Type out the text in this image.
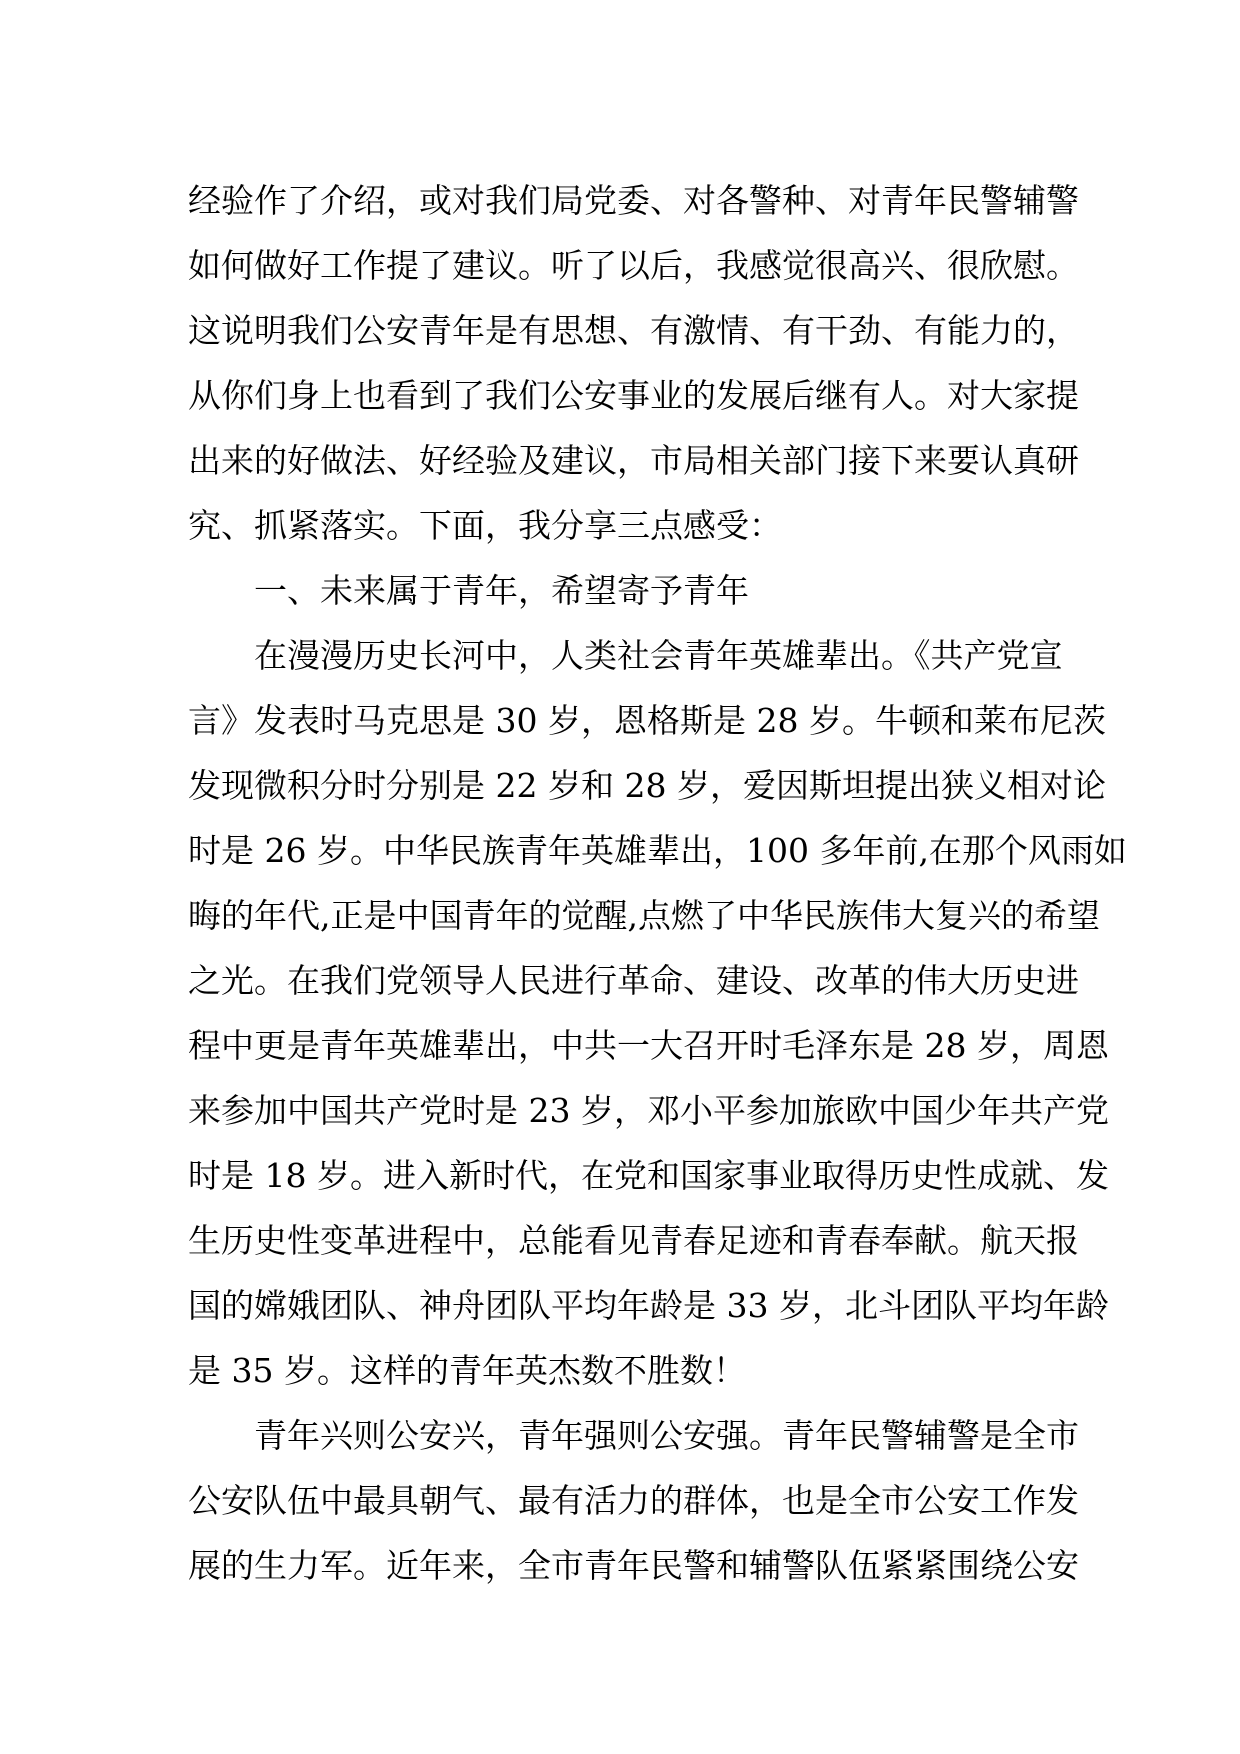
经验作了介绍，或对我们局党委、对各警种、对青年民警辅警
如何做好工作提了建议。听了以后，我感觉很高兴、很欣慰。
这说明我们公安青年是有思想、有激情、有干劲、有能力的，
从你们身上也看到了我们公安事业的发展后继有人。对大家提
出来的好做法、好经验及建议，市局相关部门接下来要认真研
究、抓紧落实。下面，我分享三点感受：
一、未来属于青年，希望寄予青年
在漫漫历史长河中，人类社会青年英雄辈出。《共产党宣
言》发表时马克思是 30 岁，恩格斯是 28 岁。牛顿和莱布尼茨
发现微积分时分别是 22 岁和 28 岁，爱因斯坦提出狭义相对论
时是 26 岁。中华民族青年英雄辈出，100 多年前,在那个风雨如
晦的年代,正是中国青年的觉醒,点燃了中华民族伟大复兴的希望
之光。在我们党领导人民进行革命、建设、改革的伟大历史进
程中更是青年英雄辈出，中共一大召开时毛泽东是 28 岁，周恩
来参加中国共产党时是 23 岁，邓小平参加旅欧中国少年共产党
时是 18 岁。进入新时代，在党和国家事业取得历史性成就、发
生历史性变革进程中，总能看见青春足迹和青春奉献。航天报
国的嫦娥团队、神舟团队平均年龄是 33 岁，北斗团队平均年龄
是 35 岁。这样的青年英杰数不胜数！
青年兴则公安兴，青年强则公安强。青年民警辅警是全市
公安队伍中最具朝气、最有活力的群体，也是全市公安工作发
展的生力军。近年来，全市青年民警和辅警队伍紧紧围绕公安
